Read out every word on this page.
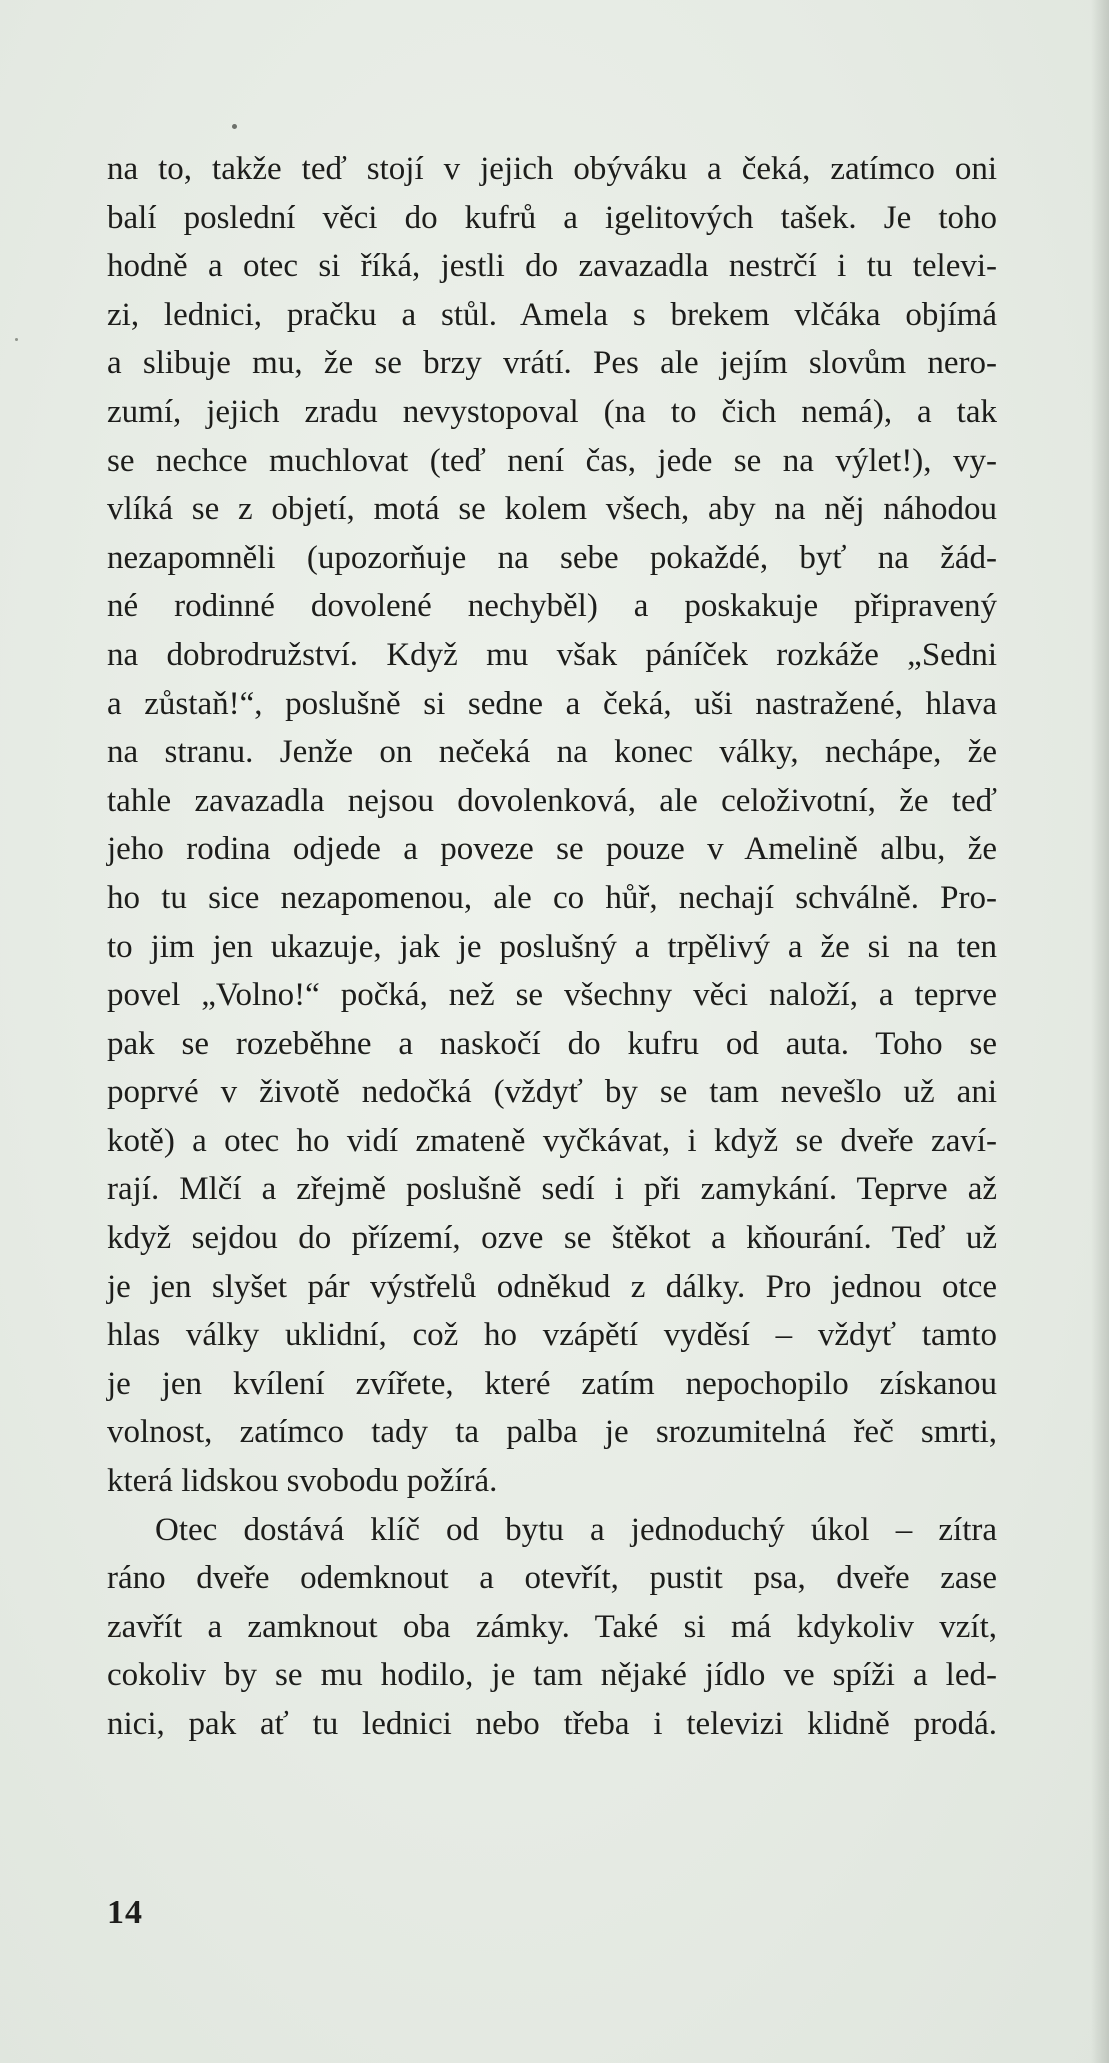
na to, takže teď stojí v jejich obýváku a čeká, zatímco oni
balí poslední věci do kufrů a igelitových tašek. Je toho
hodně a otec si říká, jestli do zavazadla nestrčí i tu televi-
zi, lednici, pračku a stůl. Amela s brekem vlčáka objímá
a slibuje mu, že se brzy vrátí. Pes ale jejím slovům nero-
zumí, jejich zradu nevystopoval (na to čich nemá), a tak
se nechce muchlovat (teď není čas, jede se na výlet!), vy-
vlíká se z objetí, motá se kolem všech, aby na něj náhodou
nezapomněli (upozorňuje na sebe pokaždé, byť na žád-
né rodinné dovolené nechyběl) a poskakuje připravený
na dobrodružství. Když mu však páníček rozkáže „Sedni
a zůstaň!“, poslušně si sedne a čeká, uši nastražené, hlava
na stranu. Jenže on nečeká na konec války, nechápe, že
tahle zavazadla nejsou dovolenková, ale celoživotní, že teď
jeho rodina odjede a poveze se pouze v Amelině albu, že
ho tu sice nezapomenou, ale co hůř, nechají schválně. Pro-
to jim jen ukazuje, jak je poslušný a trpělivý a že si na ten
povel „Volno!“ počká, než se všechny věci naloží, a teprve
pak se rozeběhne a naskočí do kufru od auta. Toho se
poprvé v životě nedočká (vždyť by se tam nevešlo už ani
kotě) a otec ho vidí zmateně vyčkávat, i když se dveře zaví-
rají. Mlčí a zřejmě poslušně sedí i při zamykání. Teprve až
když sejdou do přízemí, ozve se štěkot a kňourání. Teď už
je jen slyšet pár výstřelů odněkud z dálky. Pro jednou otce
hlas války uklidní, což ho vzápětí vyděsí – vždyť tamto
je jen kvílení zvířete, které zatím nepochopilo získanou
volnost, zatímco tady ta palba je srozumitelná řeč smrti,
která lidskou svobodu požírá.
Otec dostává klíč od bytu a jednoduchý úkol – zítra
ráno dveře odemknout a otevřít, pustit psa, dveře zase
zavřít a zamknout oba zámky. Také si má kdykoliv vzít,
cokoliv by se mu hodilo, je tam nějaké jídlo ve spíži a led-
nici, pak ať tu lednici nebo třeba i televizi klidně prodá.
14
